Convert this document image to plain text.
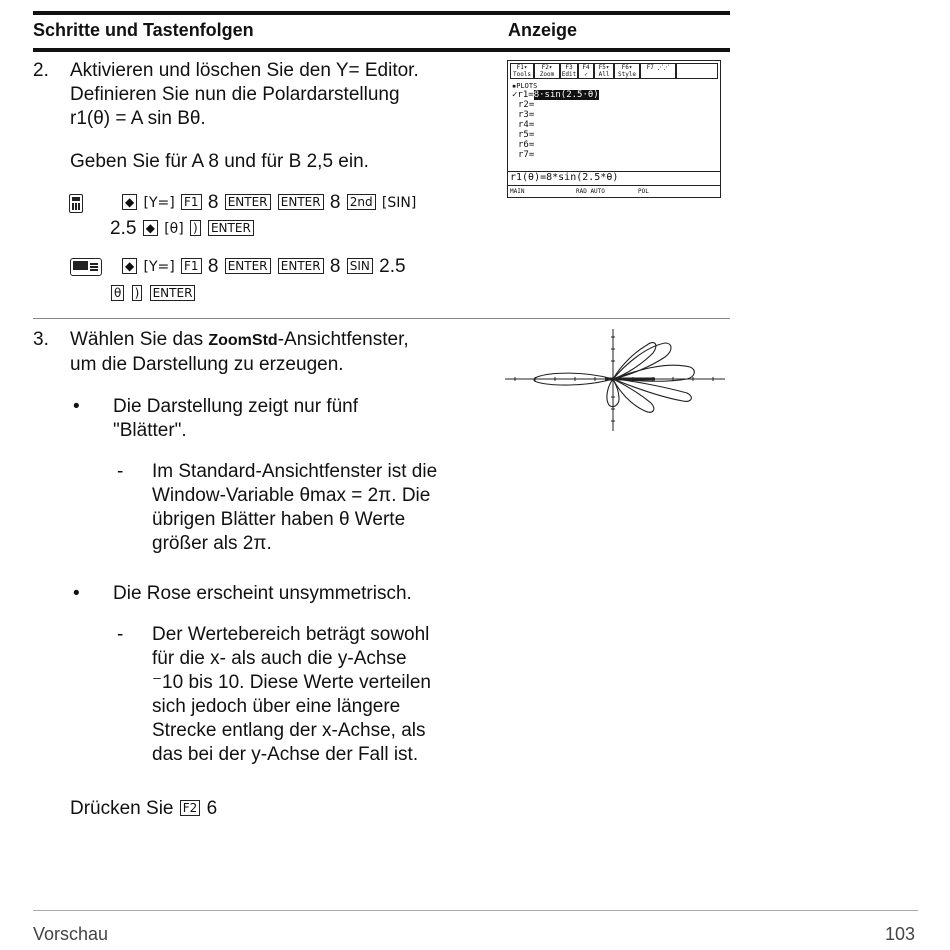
Schritte und Tastenfolgen	Anzeige
2. Aktivieren und löschen Sie den Y= Editor.
Definieren Sie nun die Polardarstellung
r1(θ) = A sin Bθ.
Geben Sie für A 8 und für B 2,5 ein.
◆ [Y=] F1 8 ENTER ENTER 8 2nd [SIN]
2.5 ◆ [θ] ) ENTER
◆ [Y=] F1 8 ENTER ENTER 8 SIN 2.5
θ ) ENTER
F1▾ Tools
F2▾ Zoom
F3 Edit
F4 ✓
F5▾ All
F6▾ Style
F7 ⋰⋰
▪PLOTS
✓r1=8·sin(2.5·θ)
r2=
r3=
r4=
r5=
r6=
r7=
r1(θ)=8*sin(2.5*θ)
MAIN	RAD AUTO	POL
3. Wählen Sie das ZoomStd-Ansichtfenster,
um die Darstellung zu erzeugen.
• Die Darstellung zeigt nur fünf
"Blätter".
- Im Standard-Ansichtfenster ist die
Window-Variable θmax = 2π. Die
übrigen Blätter haben θ Werte
größer als 2π.
• Die Rose erscheint unsymmetrisch.
- Der Wertebereich beträgt sowohl
für die x- als auch die y-Achse
⁻10 bis 10. Diese Werte verteilen
sich jedoch über eine längere
Strecke entlang der x-Achse, als
das bei der y-Achse der Fall ist.
Drücken Sie F2 6
Vorschau	103
